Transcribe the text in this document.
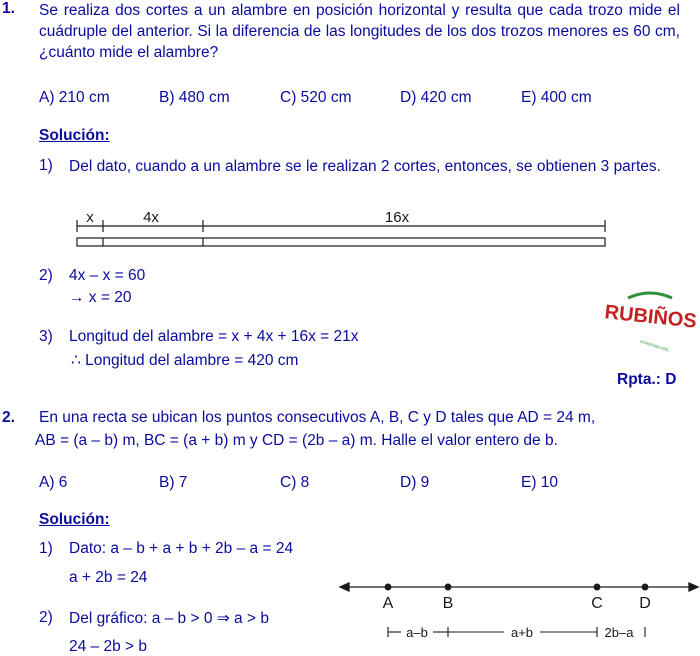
1. Se realiza dos cortes a un alambre en posición horizontal y resulta que cada trozo mide el cuádruple del anterior. Si la diferencia de las longitudes de los dos trozos menores es 60 cm, ¿cuánto mide el alambre?
A) 210 cm	B) 480 cm	C) 520 cm	D) 420 cm	E) 400 cm
Solución:
1) Del dato, cuando a un alambre se le realizan 2 cortes, entonces, se obtienen 3 partes.
x	4x	16x
2) 4x – x = 60
→ x = 20
3) Longitud del alambre = x + 4x + 16x = 21x
∴ Longitud del alambre = 420 cm
RUBIÑOS
ACADEMIA PRE
Rpta.: D
2. En una recta se ubican los puntos consecutivos A, B, C y D tales que AD = 24 m,
AB = (a – b) m, BC = (a + b) m y CD = (2b – a) m. Halle el valor entero de b.
A) 6	B) 7	C) 8	D) 9	E) 10
Solución:
1) Dato: a – b + a + b + 2b – a = 24
a + 2b = 24
2) Del gráfico: a – b > 0 ⇒ a > b
24 – 2b > b
A	B	C D
a–b	a+b	2b–a
